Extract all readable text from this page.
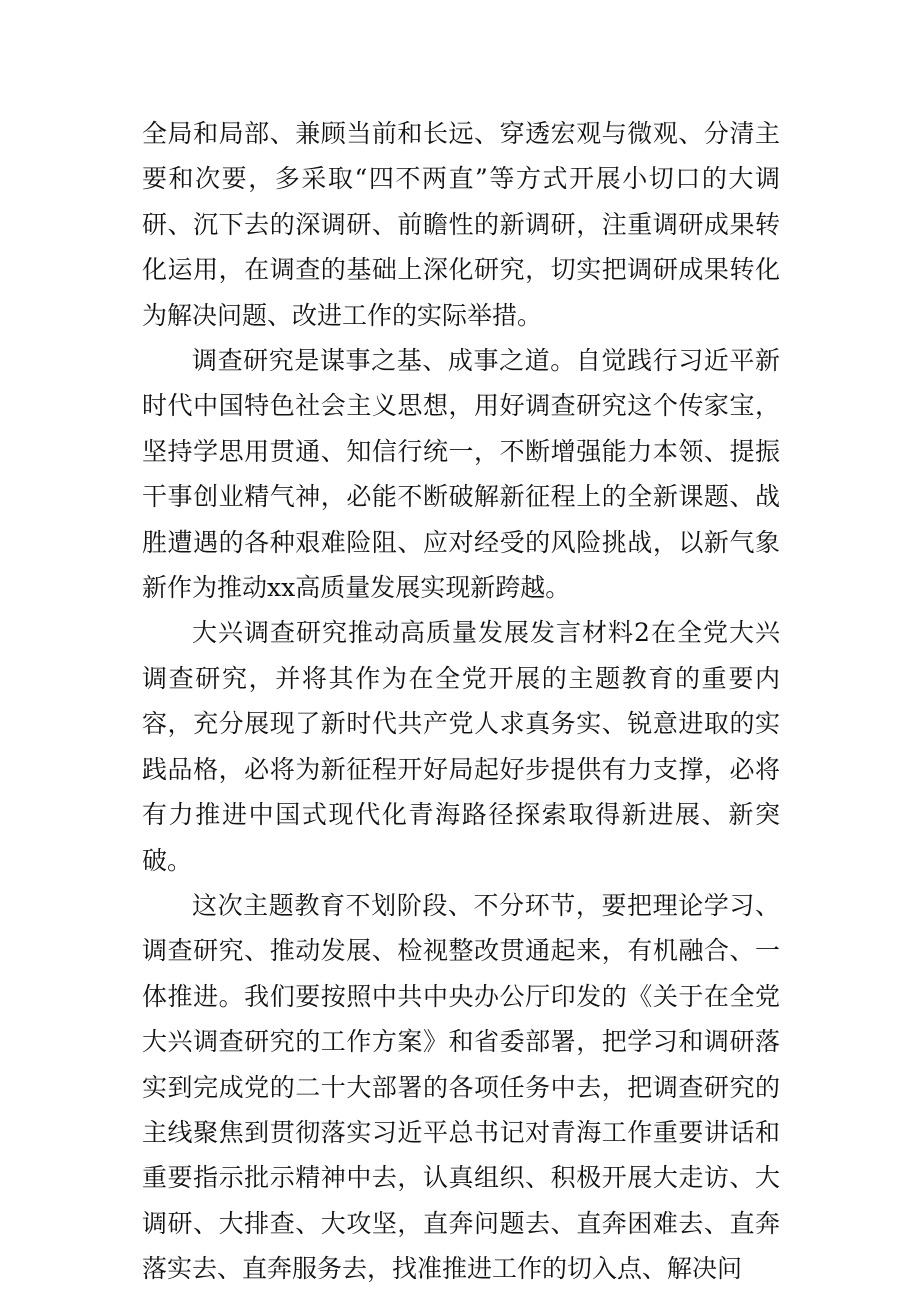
全局和局部、兼顾当前和长远、穿透宏观与微观、分清主要和次要，多采取“四不两直”等方式开展小切口的大调研、沉下去的深调研、前瞻性的新调研，注重调研成果转化运用，在调查的基础上深化研究，切实把调研成果转化为解决问题、改进工作的实际举措。

调查研究是谋事之基、成事之道。自觉践行习近平新时代中国特色社会主义思想，用好调查研究这个传家宝，坚持学思用贯通、知信行统一，不断增强能力本领、提振干事创业精气神，必能不断破解新征程上的全新课题、战胜遭遇的各种艰难险阻、应对经受的风险挑战，以新气象新作为推动xx高质量发展实现新跨越。

大兴调查研究推动高质量发展发言材料2在全党大兴调查研究，并将其作为在全党开展的主题教育的重要内容，充分展现了新时代共产党人求真务实、锐意进取的实践品格，必将为新征程开好局起好步提供有力支撑，必将有力推进中国式现代化青海路径探索取得新进展、新突破。

这次主题教育不划阶段、不分环节，要把理论学习、调查研究、推动发展、检视整改贯通起来，有机融合、一体推进。我们要按照中共中央办公厅印发的《关于在全党大兴调查研究的工作方案》和省委部署，把学习和调研落实到完成党的二十大部署的各项任务中去，把调查研究的主线聚焦到贯彻落实习近平总书记对青海工作重要讲话和重要指示批示精神中去，认真组织、积极开展大走访、大调研、大排查、大攻坚，直奔问题去、直奔困难去、直奔落实去、直奔服务去，找准推进工作的切入点、解决问
